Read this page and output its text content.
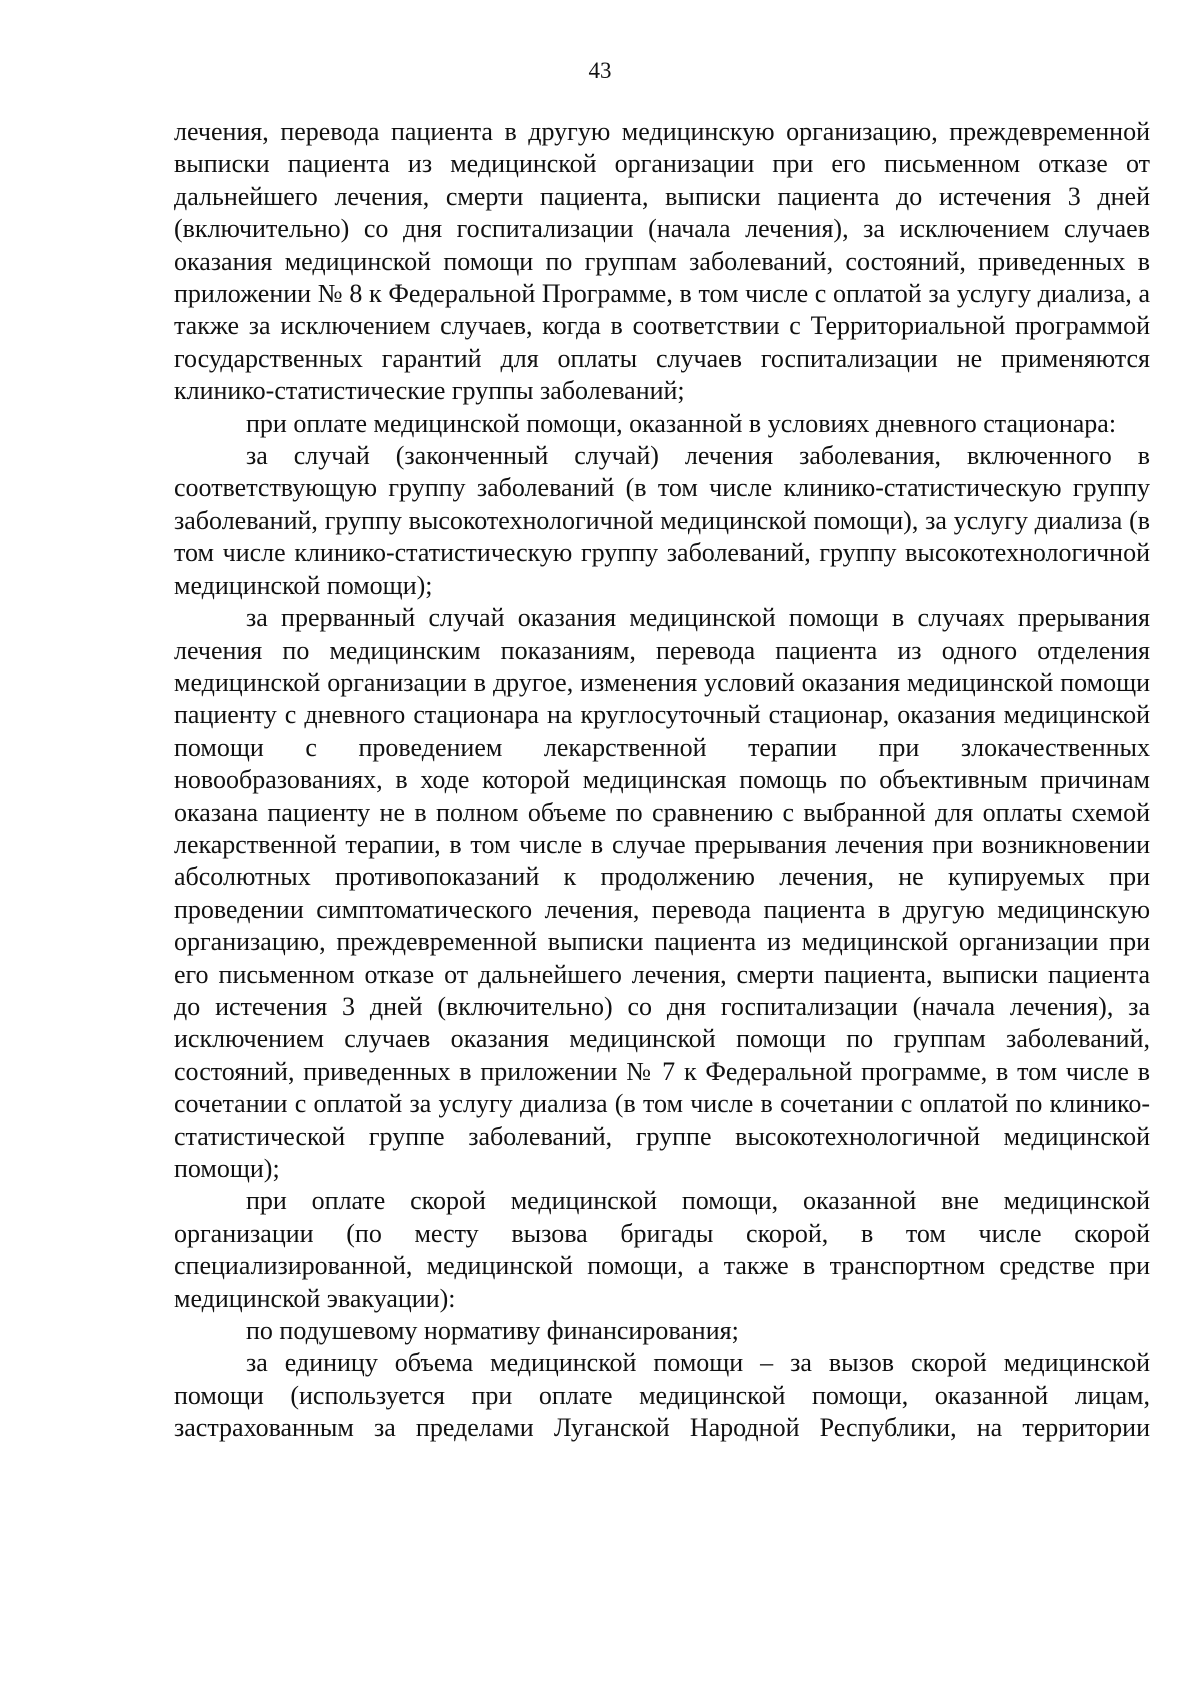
43

лечения, перевода пациента в другую медицинскую организацию, преждевременной выписки пациента из медицинской организации при его письменном отказе от дальнейшего лечения, смерти пациента, выписки пациента до истечения 3 дней (включительно) со дня госпитализации (начала лечения), за исключением случаев оказания медицинской помощи по группам заболеваний, состояний, приведенных в приложении № 8 к Федеральной Программе, в том числе с оплатой за услугу диализа, а также за исключением случаев, когда в соответствии с Территориальной программой государственных гарантий для оплаты случаев госпитализации не применяются клинико-статистические группы заболеваний;

при оплате медицинской помощи, оказанной в условиях дневного стационара:

за случай (законченный случай) лечения заболевания, включенного в соответствующую группу заболеваний (в том числе клинико-статистическую группу заболеваний, группу высокотехнологичной медицинской помощи), за услугу диализа (в том числе клинико-статистическую группу заболеваний, группу высокотехнологичной медицинской помощи);

за прерванный случай оказания медицинской помощи в случаях прерывания лечения по медицинским показаниям, перевода пациента из одного отделения медицинской организации в другое, изменения условий оказания медицинской помощи пациенту с дневного стационара на круглосуточный стационар, оказания медицинской помощи с проведением лекарственной терапии при злокачественных новообразованиях, в ходе которой медицинская помощь по объективным причинам оказана пациенту не в полном объеме по сравнению с выбранной для оплаты схемой лекарственной терапии, в том числе в случае прерывания лечения при возникновении абсолютных противопоказаний к продолжению лечения, не купируемых при проведении симптоматического лечения, перевода пациента в другую медицинскую организацию, преждевременной выписки пациента из медицинской организации при его письменном отказе от дальнейшего лечения, смерти пациента, выписки пациента до истечения 3 дней (включительно) со дня госпитализации (начала лечения), за исключением случаев оказания медицинской помощи по группам заболеваний, состояний, приведенных в приложении № 7 к Федеральной программе, в том числе в сочетании с оплатой за услугу диализа (в том числе в сочетании с оплатой по клинико-статистической группе заболеваний, группе высокотехнологичной медицинской помощи);

при оплате скорой медицинской помощи, оказанной вне медицинской организации (по месту вызова бригады скорой, в том числе скорой специализированной, медицинской помощи, а также в транспортном средстве при медицинской эвакуации):

по подушевому нормативу финансирования;

за единицу объема медицинской помощи – за вызов скорой медицинской помощи (используется при оплате медицинской помощи, оказанной лицам, застрахованным за пределами Луганской Народной Республики, на территории
